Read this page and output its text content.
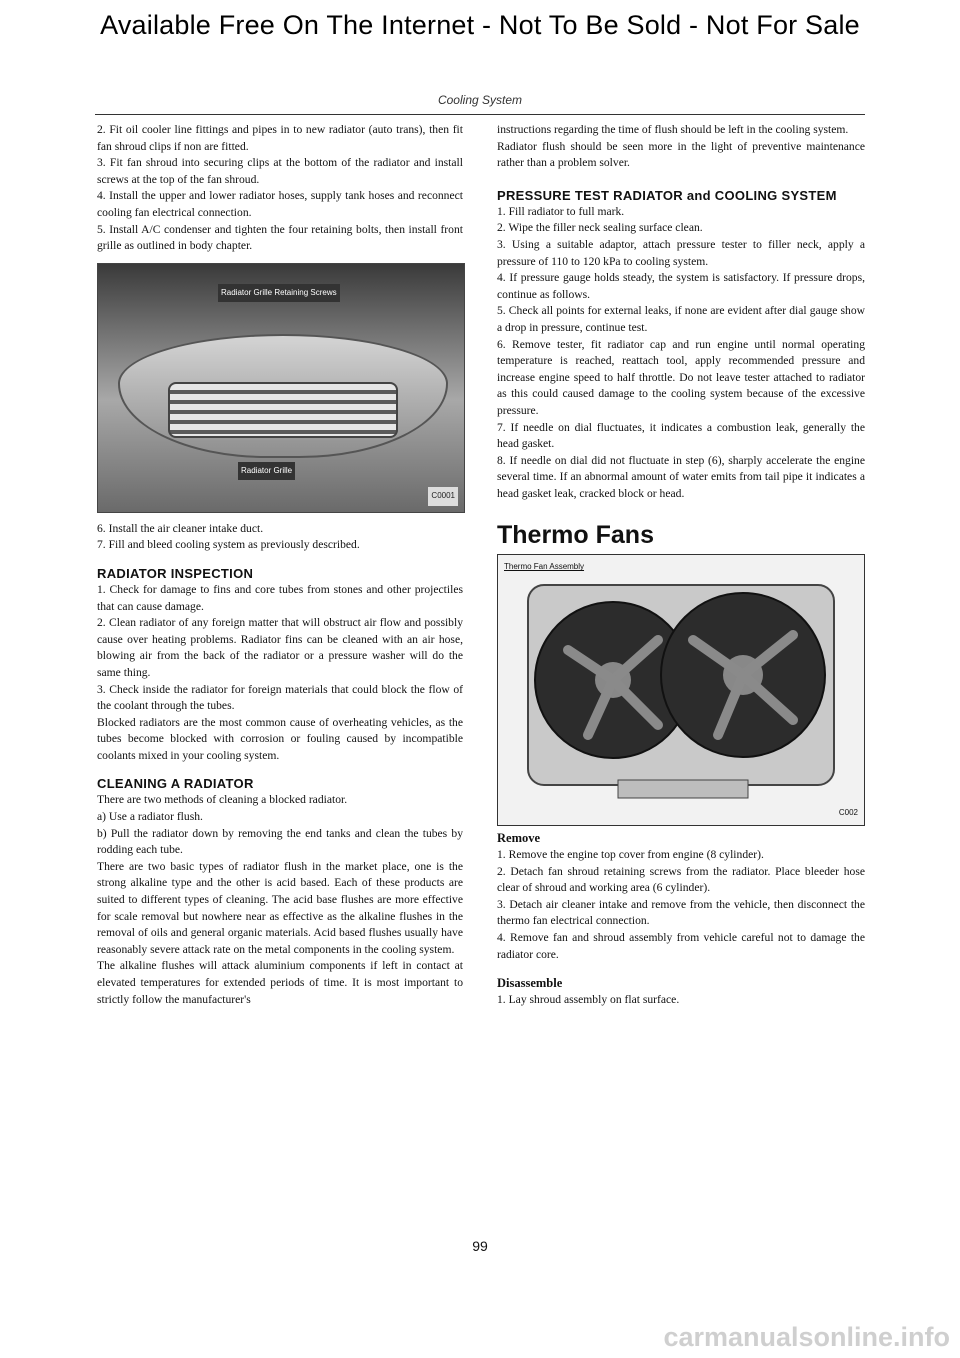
Available Free On The Internet - Not To Be Sold - Not For Sale
Cooling System

2. Fit oil cooler line fittings and pipes in to new radiator (auto trans), then fit fan shroud clips if non are fitted.

3. Fit fan shroud into securing clips at the bottom of the radiator and install screws at the top of the fan shroud.

4. Install the upper and lower radiator hoses, supply tank hoses and reconnect cooling fan electrical connection.

5. Install A/C condenser and tighten the four retaining bolts, then install front grille as outlined in body chapter.

Radiator Grille Retaining Screws
Radiator Grille
C0001

6. Install the air cleaner intake duct.

7. Fill and bleed cooling system as previously described.

RADIATOR INSPECTION

1. Check for damage to fins and core tubes from stones and other projectiles that can cause damage.

2. Clean radiator of any foreign matter that will obstruct air flow and possibly cause over heating problems. Radiator fins can be cleaned with an air hose, blowing air from the back of the radiator or a pressure washer will do the same thing.

3. Check inside the radiator for foreign materials that could block the flow of the coolant through the tubes.

Blocked radiators are the most common cause of overheating vehicles, as the tubes become blocked with corrosion or fouling caused by incompatible coolants mixed in your cooling system.

CLEANING A RADIATOR

There are two methods of cleaning a blocked radiator.

a) Use a radiator flush.

b) Pull the radiator down by removing the end tanks and clean the tubes by rodding each tube.

There are two basic types of radiator flush in the market place, one is the strong alkaline type and the other is acid based. Each of these products are suited to different types of cleaning. The acid base flushes are more effective for scale removal but nowhere near as effective as the alkaline flushes in the removal of oils and general organic materials. Acid based flushes usually have reasonably severe attack rate on the metal components in the cooling system.

The alkaline flushes will attack aluminium components if left in contact at elevated temperatures for extended periods of time. It is most important to strictly follow the manufacturer's

instructions regarding the time of flush should be left in the cooling system.

Radiator flush should be seen more in the light of preventive maintenance rather than a problem solver.

PRESSURE TEST RADIATOR and COOLING SYSTEM

1. Fill radiator to full mark.

2. Wipe the filler neck sealing surface clean.

3. Using a suitable adaptor, attach pressure tester to filler neck, apply a pressure of 110 to 120 kPa to cooling system.

4. If pressure gauge holds steady, the system is satisfactory. If pressure drops, continue as follows.

5. Check all points for external leaks, if none are evident after dial gauge show a drop in pressure, continue test.

6. Remove tester, fit radiator cap and run engine until normal operating temperature is reached, reattach tool, apply recommended pressure and increase engine speed to half throttle. Do not leave tester attached to radiator as this could caused damage to the cooling system because of the excessive pressure.

7. If needle on dial fluctuates, it indicates a combustion leak, generally the head gasket.

8. If needle on dial did not fluctuate in step (6), sharply accelerate the engine several time. If an abnormal amount of water emits from tail pipe it indicates a head gasket leak, cracked block or head.

Thermo Fans
Thermo Fan Assembly
C002
Remove

1. Remove the engine top cover from engine (8 cylinder).

2. Detach fan shroud retaining screws from the radiator. Place bleeder hose clear of shroud and working area (6 cylinder).

3. Detach air cleaner intake and remove from the vehicle, then disconnect the thermo fan electrical connection.

4. Remove fan and shroud assembly from vehicle careful not to damage the radiator core.

Disassemble

1. Lay shroud assembly on flat surface.

99
carmanualsonline.info
